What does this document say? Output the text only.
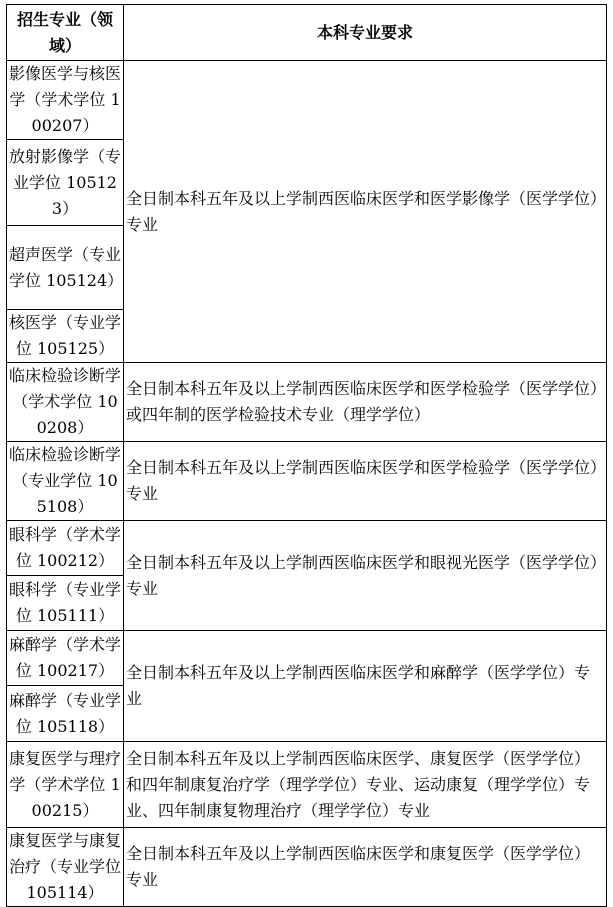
招生专业（领域）	本科专业要求
影像医学与核医学（学术学位 100207）	全日制本科五年及以上学制西医临床医学和医学影像学（医学学位）专业
放射影像学（专业学位 105123）	
超声医学（专业学位 105124）	
核医学（专业学位 105125）	
临床检验诊断学（学术学位 100208）	全日制本科五年及以上学制西医临床医学和医学检验学（医学学位）或四年制的医学检验技术专业（理学学位）
临床检验诊断学（专业学位 105108）	全日制本科五年及以上学制西医临床医学和医学检验学（医学学位）专业
眼科学（学术学位 100212）	全日制本科五年及以上学制西医临床医学和眼视光医学（医学学位）专业
眼科学（专业学位 105111）	
麻醉学（学术学位 100217）	全日制本科五年及以上学制西医临床医学和麻醉学（医学学位）专业
麻醉学（专业学位 105118）	
康复医学与理疗学（学术学位 100215）	全日制本科五年及以上学制西医临床医学、康复医学（医学学位）和四年制康复治疗学（理学学位）专业、运动康复（理学学位）专业、四年制康复物理治疗（理学学位）专业
康复医学与康复治疗（专业学位 105114）	全日制本科五年及以上学制西医临床医学和康复医学（医学学位）专业
